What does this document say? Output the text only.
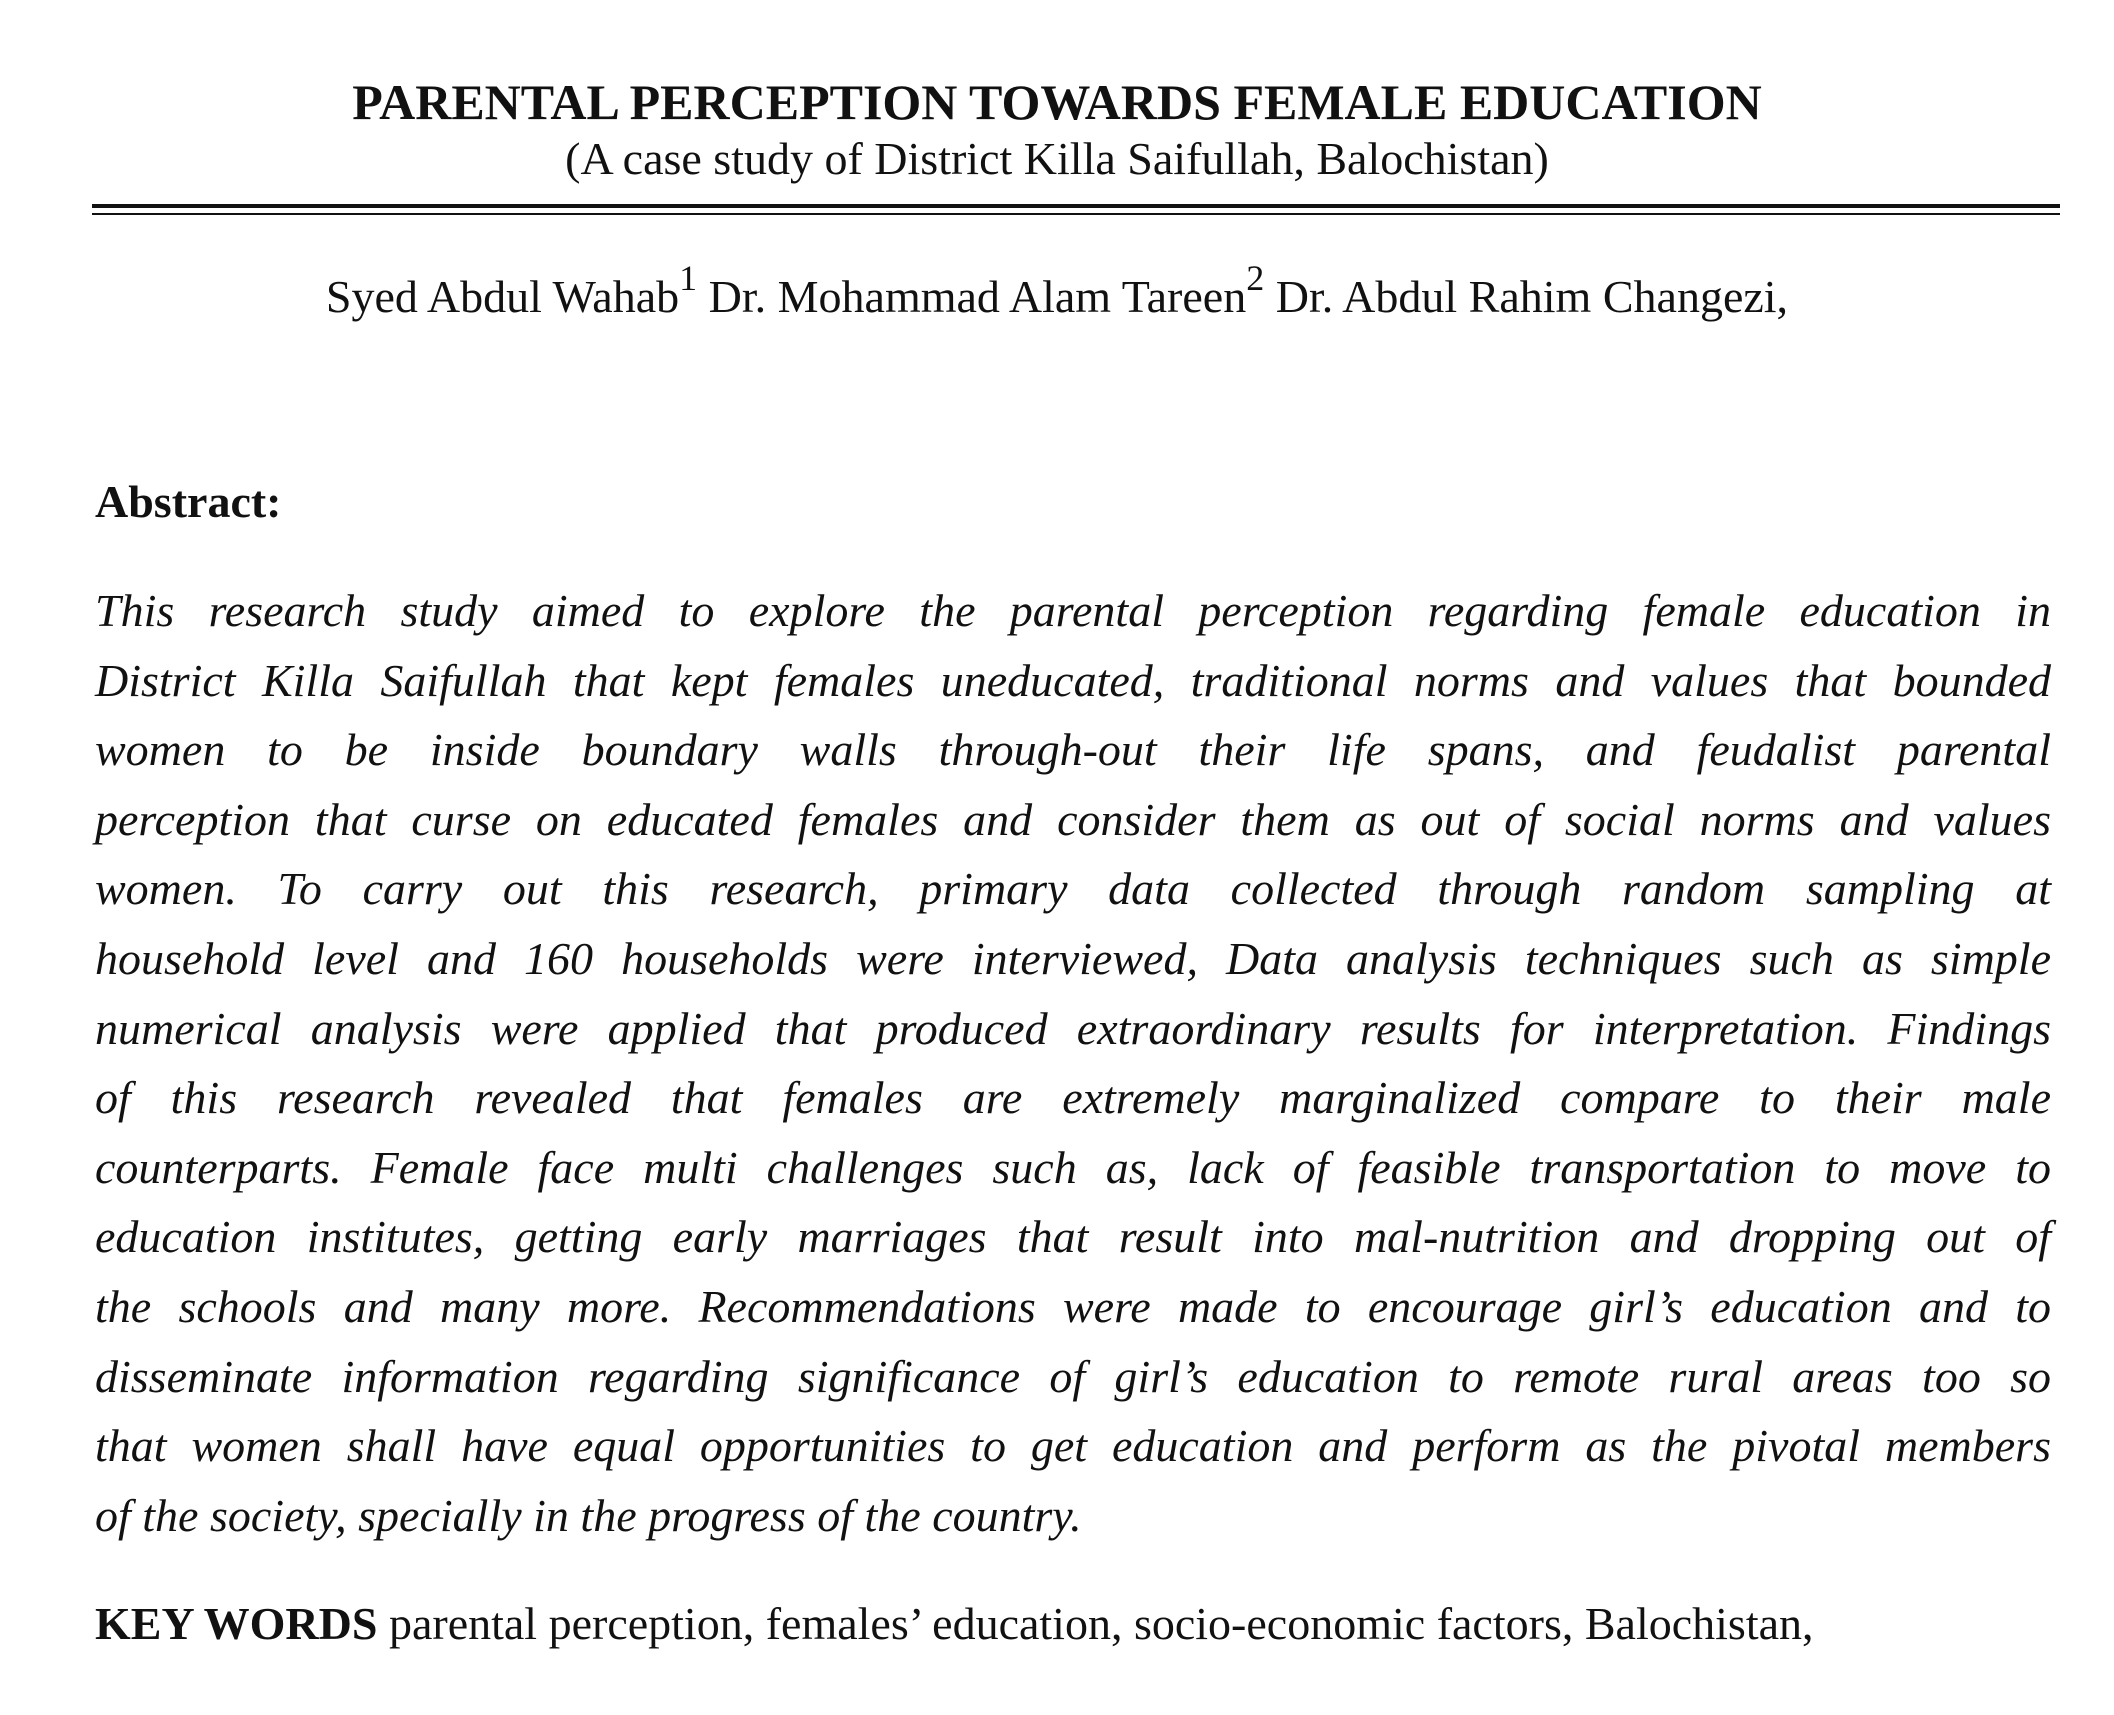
PARENTAL PERCEPTION TOWARDS FEMALE EDUCATION
(A case study of District Killa Saifullah, Balochistan)
Syed Abdul Wahab$^1$ Dr. Mohammad Alam Tareen$^2$ Dr. Abdul Rahim Changezi,
Abstract:
This research study aimed to explore the parental perception regarding female education in
District Killa Saifullah that kept females uneducated, traditional norms and values that bounded
women to be inside boundary walls through-out their life spans, and feudalist parental
perception that curse on educated females and consider them as out of social norms and values
women. To carry out this research, primary data collected through random sampling at
household level and 160 households were interviewed, Data analysis techniques such as simple
numerical analysis were applied that produced extraordinary results for interpretation. Findings
of this research revealed that females are extremely marginalized compare to their male
counterparts. Female face multi challenges such as, lack of feasible transportation to move to
education institutes, getting early marriages that result into mal-nutrition and dropping out of
the schools and many more. Recommendations were made to encourage girl’s education and to
disseminate information regarding significance of girl’s education to remote rural areas too so
that women shall have equal opportunities to get education and perform as the pivotal members
of the society, specially in the progress of the country.
KEY WORDS parental perception, females’ education, socio-economic factors, Balochistan,
